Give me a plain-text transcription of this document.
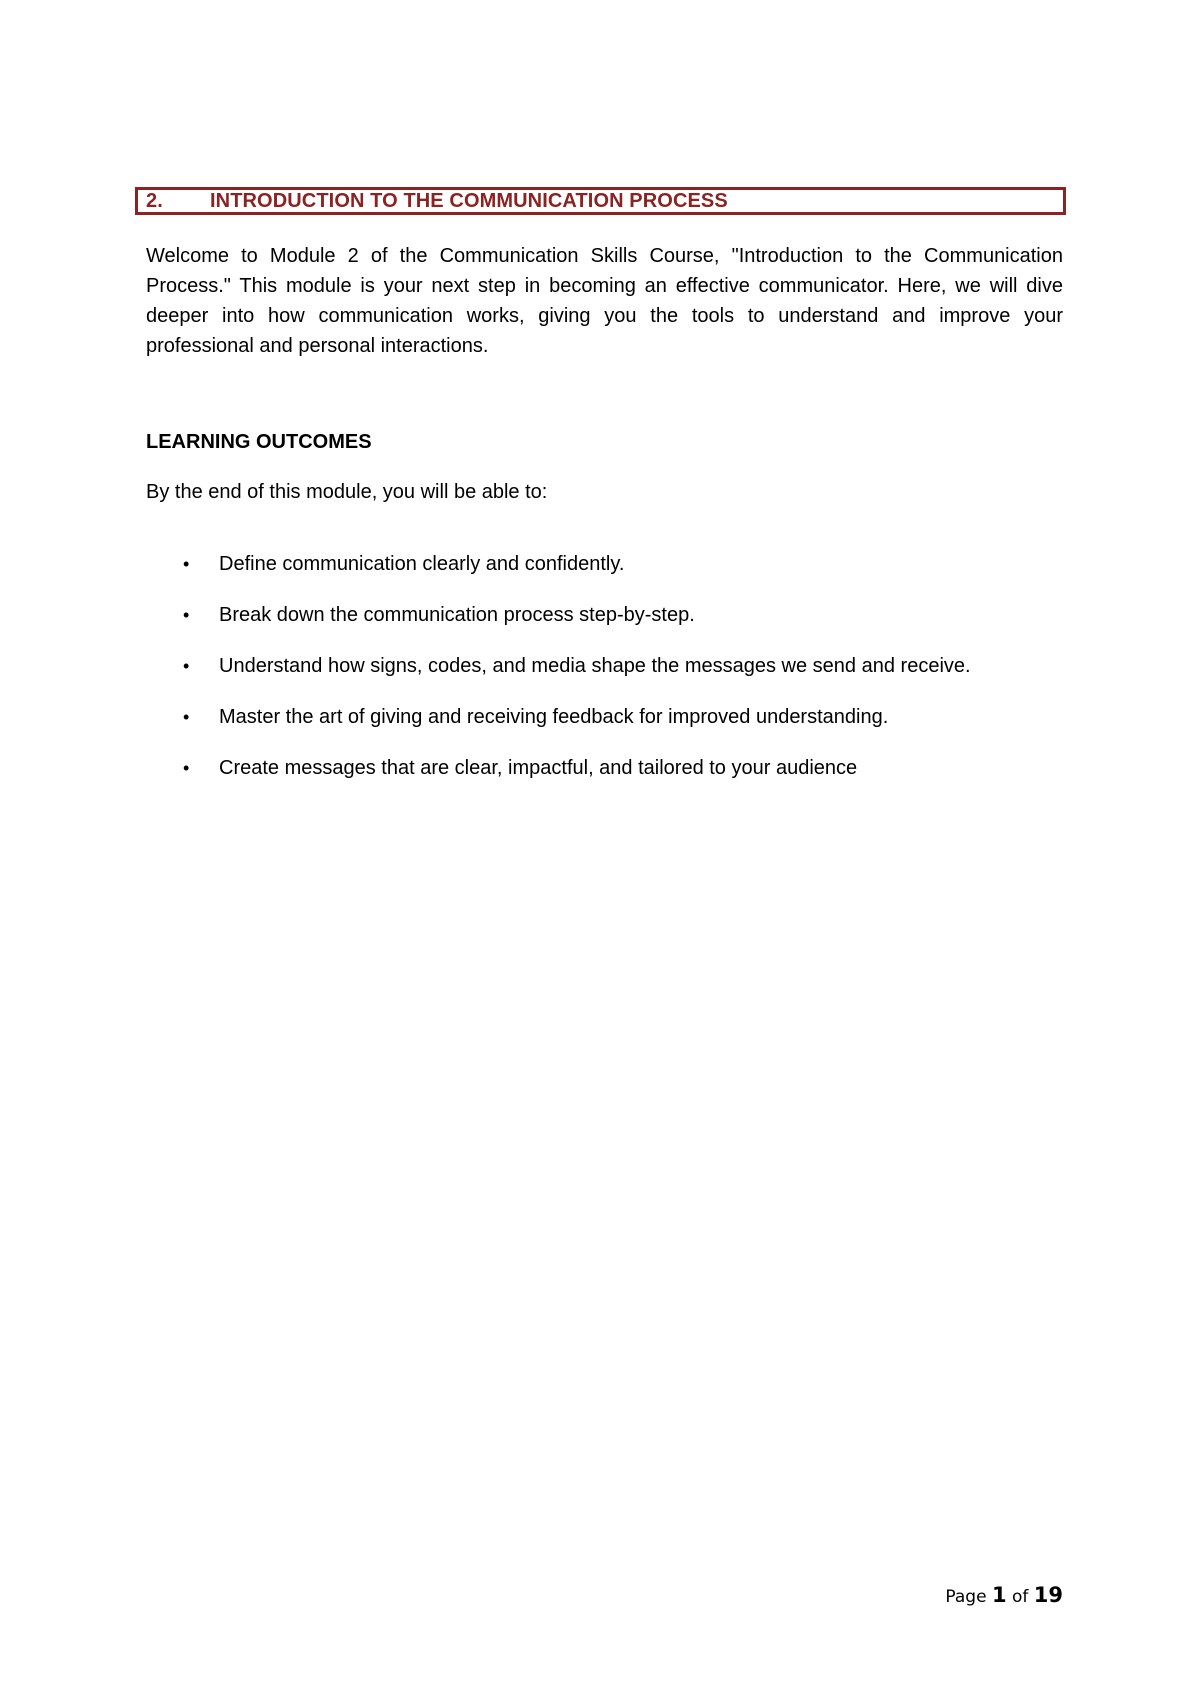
2.	INTRODUCTION TO THE COMMUNICATION PROCESS

Welcome to Module 2 of the Communication Skills Course, "Introduction to the Communication Process." This module is your next step in becoming an effective communicator. Here, we will dive deeper into how communication works, giving you the tools to understand and improve your professional and personal interactions.

LEARNING OUTCOMES

By the end of this module, you will be able to:

• Define communication clearly and confidently.
• Break down the communication process step-by-step.
• Understand how signs, codes, and media shape the messages we send and receive.
• Master the art of giving and receiving feedback for improved understanding.
• Create messages that are clear, impactful, and tailored to your audience
Page 1 of 19
